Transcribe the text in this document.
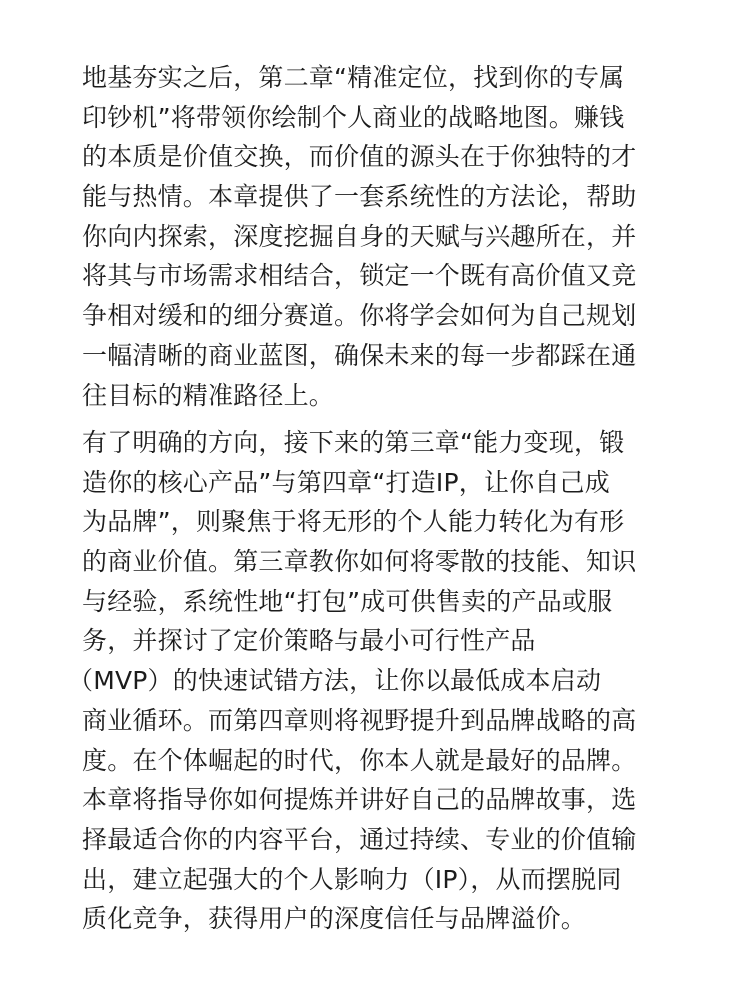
地基夯实之后，第二章“精准定位，找到你的专属
印钞机”将带领你绘制个人商业的战略地图。赚钱
的本质是价值交换，而价值的源头在于你独特的才
能与热情。本章提供了一套系统性的方法论，帮助
你向内探索，深度挖掘自身的天赋与兴趣所在，并
将其与市场需求相结合，锁定一个既有高价值又竞
争相对缓和的细分赛道。你将学会如何为自己规划
一幅清晰的商业蓝图，确保未来的每一步都踩在通
往目标的精准路径上。

有了明确的方向，接下来的第三章“能力变现，锻
造你的核心产品”与第四章“打造IP，让你自己成
为品牌”，则聚焦于将无形的个人能力转化为有形
的商业价值。第三章教你如何将零散的技能、知识
与经验，系统性地“打包”成可供售卖的产品或服
务，并探讨了定价策略与最小可行性产品
（MVP）的快速试错方法，让你以最低成本启动
商业循环。而第四章则将视野提升到品牌战略的高
度。在个体崛起的时代，你本人就是最好的品牌。
本章将指导你如何提炼并讲好自己的品牌故事，选
择最适合你的内容平台，通过持续、专业的价值输
出，建立起强大的个人影响力（IP），从而摆脱同
质化竞争，获得用户的深度信任与品牌溢价。
